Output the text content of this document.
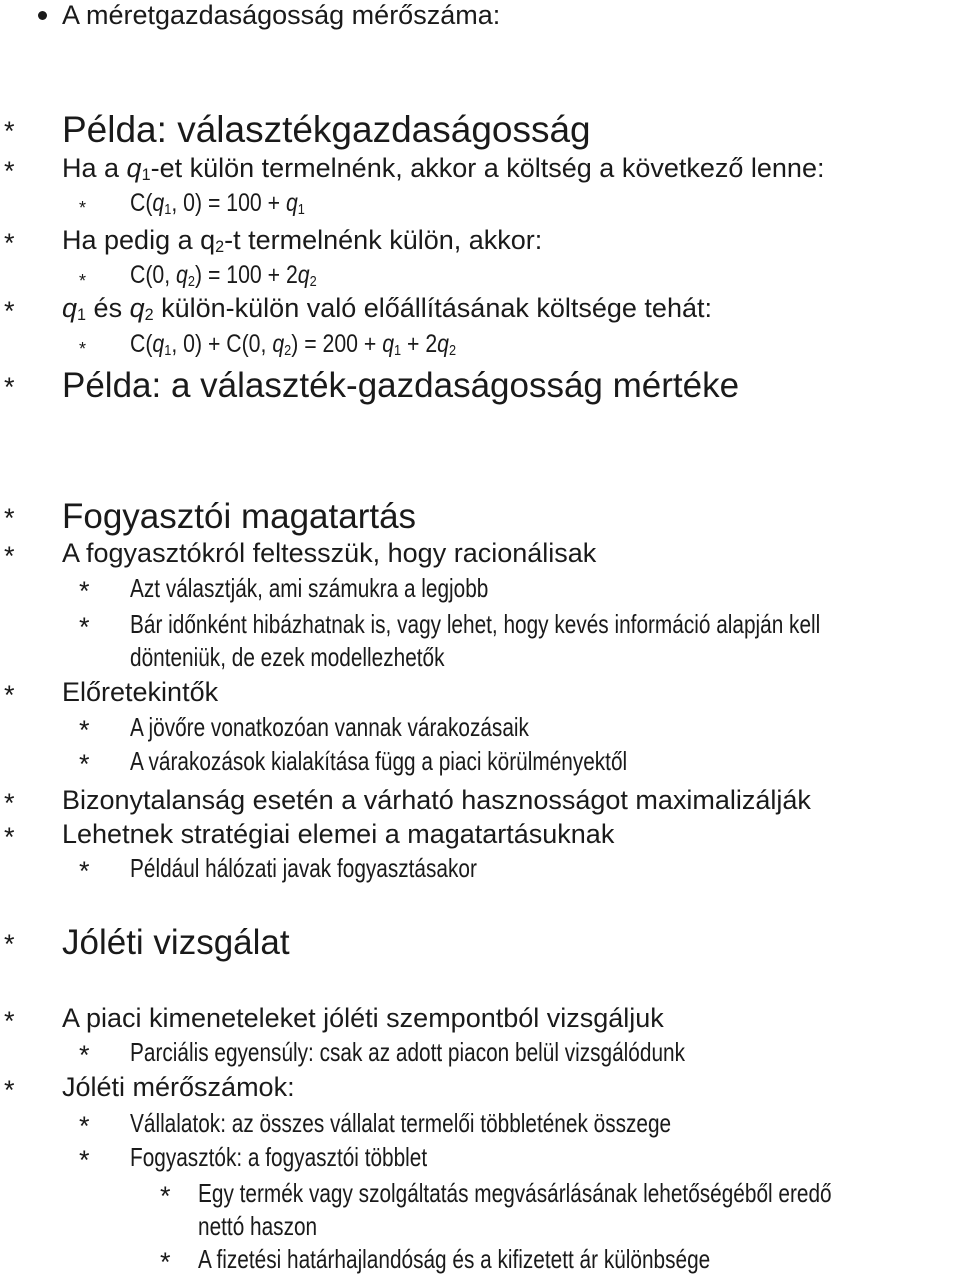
A méretgazdaságosság mérőszáma:
* Példa: választékgazdaságosság
* Ha a $q_1-et$ külön termelnénk, akkor a költség a következő lenne:
* $C(q_1$, $0) = 100 + q_1$
* Ha pedig a $q_2-t$ termelnénk külön, akkor:
* C(0, $q_2) = 100 + 2q_2$
* $q_1$ és $q_2$ külön-külön való előállításának költsége tehát:
* $C(q_1$, 0) + C(0, $q_2) = 200 + q_1 + 2q_2$
* Példa: a választék-gazdaságosság mértéke
* Fogyasztói magatartás
* A fogyasztókról feltesszük, hogy racionálisak
* Azt választják, ami számukra a legjobb
* Bár időnként hibázhatnak is, vagy lehet, hogy kevés információ alapján kell
dönteniük, de ezek modellezhetők
* Előretekintők
* A jövőre vonatkozóan vannak várakozásaik
* A várakozások kialakítása függ a piaci körülményektől
* Bizonytalanság esetén a várható hasznosságot maximalizálják
* Lehetnek stratégiai elemei a magatartásuknak
* Például hálózati javak fogyasztásakor
* Jóléti vizsgálat
* A piaci kimeneteleket jóléti szempontból vizsgáljuk
* Parciális egyensúly: csak az adott piacon belül vizsgálódunk
* Jóléti mérőszámok:
* Vállalatok: az összes vállalat termelői többletének összege
* Fogyasztók: a fogyasztói többlet
* Egy termék vagy szolgáltatás megvásárlásának lehetőségéből eredő
nettó haszon
* A fizetési határhajlandóság és a kifizetett ár különbsége
